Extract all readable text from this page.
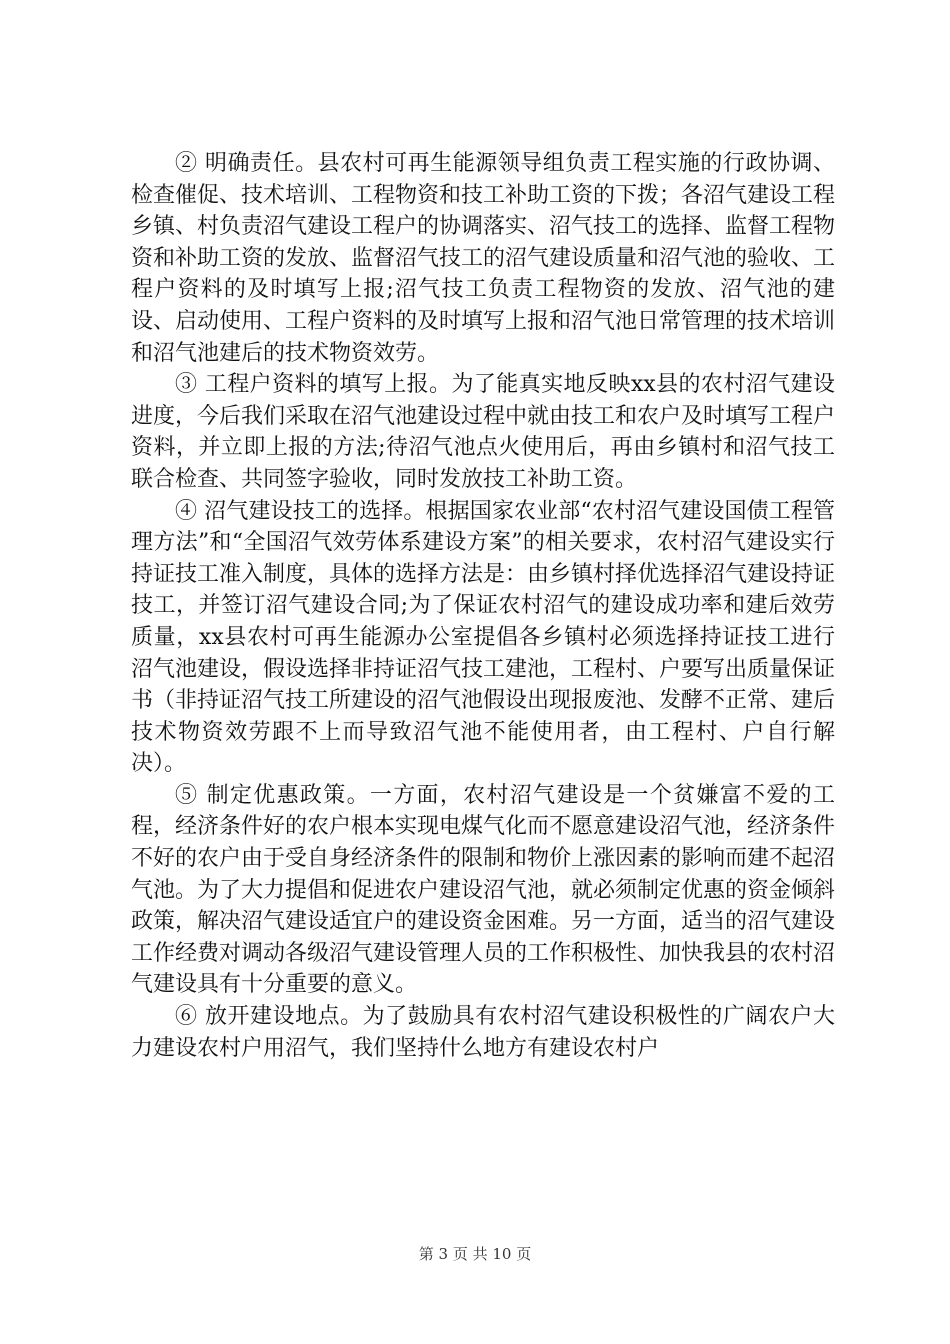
② 明确责任。县农村可再生能源领导组负责工程实施的行政协调、检查催促、技术培训、工程物资和技工补助工资的下拨；各沼气建设工程乡镇、村负责沼气建设工程户的协调落实、沼气技工的选择、监督工程物资和补助工资的发放、监督沼气技工的沼气建设质量和沼气池的验收、工程户资料的及时填写上报;沼气技工负责工程物资的发放、沼气池的建设、启动使用、工程户资料的及时填写上报和沼气池日常管理的技术培训和沼气池建后的技术物资效劳。

③ 工程户资料的填写上报。为了能真实地反映xx县的农村沼气建设进度，今后我们采取在沼气池建设过程中就由技工和农户及时填写工程户资料，并立即上报的方法;待沼气池点火使用后，再由乡镇村和沼气技工联合检查、共同签字验收，同时发放技工补助工资。

④ 沼气建设技工的选择。根据国家农业部“农村沼气建设国债工程管理方法”和“全国沼气效劳体系建设方案”的相关要求，农村沼气建设实行持证技工准入制度，具体的选择方法是：由乡镇村择优选择沼气建设持证技工，并签订沼气建设合同;为了保证农村沼气的建设成功率和建后效劳质量，xx县农村可再生能源办公室提倡各乡镇村必须选择持证技工进行沼气池建设，假设选择非持证沼气技工建池，工程村、户要写出质量保证书（非持证沼气技工所建设的沼气池假设出现报废池、发酵不正常、建后技术物资效劳跟不上而导致沼气池不能使用者，由工程村、户自行解决）。

⑤ 制定优惠政策。一方面，农村沼气建设是一个贫嫌富不爱的工程，经济条件好的农户根本实现电煤气化而不愿意建设沼气池，经济条件不好的农户由于受自身经济条件的限制和物价上涨因素的影响而建不起沼气池。为了大力提倡和促进农户建设沼气池，就必须制定优惠的资金倾斜政策，解决沼气建设适宜户的建设资金困难。另一方面，适当的沼气建设工作经费对调动各级沼气建设管理人员的工作积极性、加快我县的农村沼气建设具有十分重要的意义。

⑥ 放开建设地点。为了鼓励具有农村沼气建设积极性的广阔农户大力建设农村户用沼气，我们坚持什么地方有建设农村户

第 3 页 共 10 页
